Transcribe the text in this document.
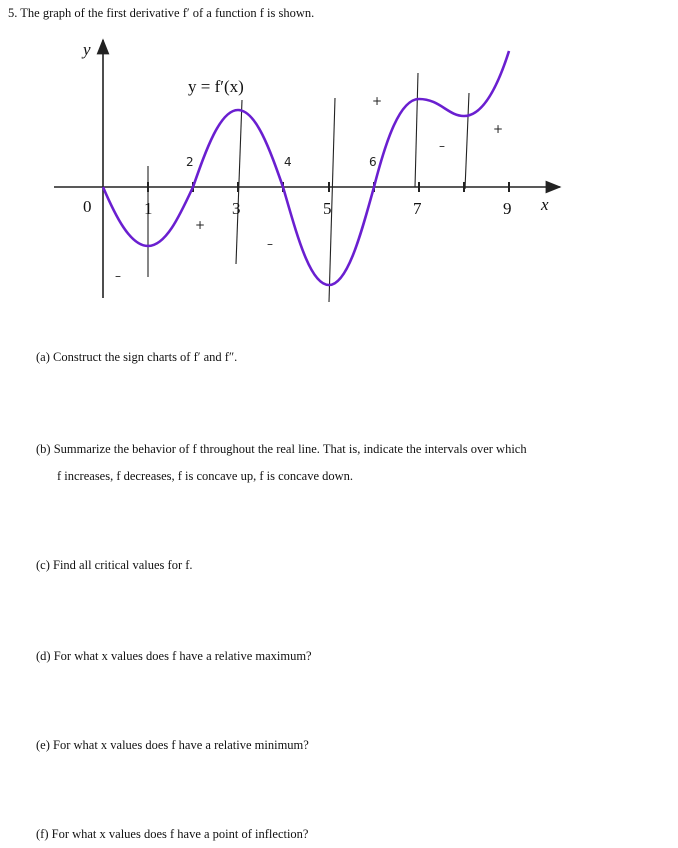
5. The graph of the first derivative f′ of a function f is shown.
y
x
y = f′(x)
0	1	3	5	7	9
2	4	6
–
+
–
+
–
+
(a) Construct the sign charts of f′ and f″.
(b) Summarize the behavior of f throughout the real line. That is, indicate the intervals over which
f increases, f decreases, f is concave up, f is concave down.
(c) Find all critical values for f.
(d) For what x values does f have a relative maximum?
(e) For what x values does f have a relative minimum?
(f) For what x values does f have a point of inflection?
